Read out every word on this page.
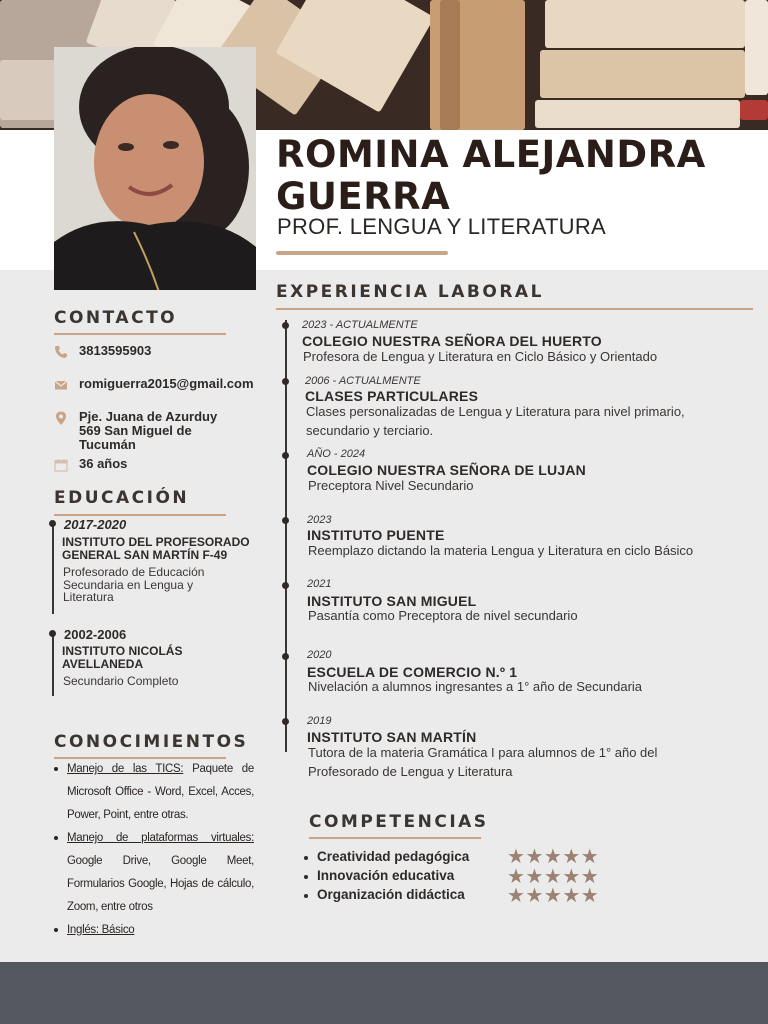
ROMINA ALEJANDRA
GUERRA
PROF. LENGUA Y LITERATURA
CONTACTO
3813595903
romiguerra2015@gmail.com
Pje. Juana de Azurduy
569 San Miguel de
Tucumán
36 años
EDUCACIÓN
2017-2020
INSTITUTO DEL PROFESORADO
GENERAL SAN MARTÍN F-49
Profesorado de Educación
Secundaria en Lengua y
Literatura
2002-2006
INSTITUTO NICOLÁS
AVELLANEDA
Secundario Completo
CONOCIMIENTOS
Manejo de las TICS: Paquete de Microsoft Office - Word, Excel, Acces, Power, Point, entre otras.
Manejo de plataformas virtuales: Google Drive, Google Meet, Formularios Google, Hojas de cálculo, Zoom, entre otros
Inglés: Básico
EXPERIENCIA LABORAL
2023 - ACTUALMENTE
COLEGIO NUESTRA SEÑORA DEL HUERTO
Profesora de Lengua y Literatura en Ciclo Básico y Orientado
2006 - ACTUALMENTE
CLASES PARTICULARES
Clases personalizadas de Lengua y Literatura para nivel primario,
secundario y terciario.
AÑO - 2024
COLEGIO NUESTRA SEÑORA DE LUJAN
Preceptora Nivel Secundario
2023
INSTITUTO PUENTE
Reemplazo dictando la materia Lengua y Literatura en ciclo Básico
2021
INSTITUTO SAN MIGUEL
Pasantía como Preceptora de nivel secundario
2020
ESCUELA DE COMERCIO N.º 1
Nivelación a alumnos ingresantes a 1° año de Secundaria
2019
INSTITUTO SAN MARTÍN
Tutora de la materia Gramática I para alumnos de 1° año del
Profesorado de Lengua y Literatura
COMPETENCIAS
Creatividad pedagógica ★ ★ ★ ★ ★
Innovación educativa	★ ★ ★ ★ ★
Organización didáctica ★ ★ ★ ★ ★
